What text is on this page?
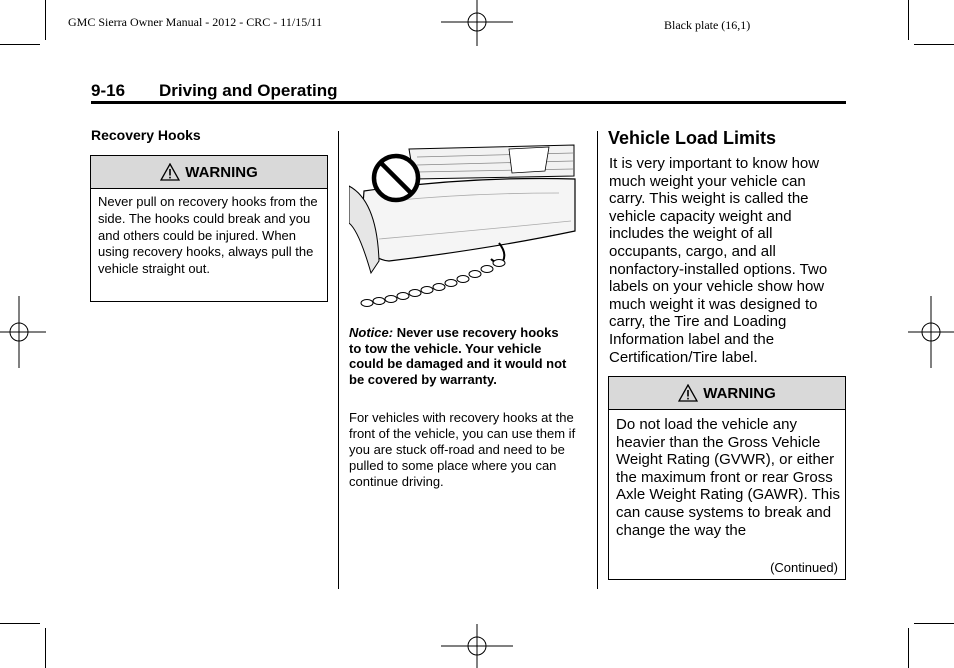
GMC Sierra Owner Manual - 2012 - CRC - 11/15/11	Black plate (16,1)
9-16 Driving and Operating
Recovery Hooks
WARNING
Never pull on recovery hooks from the side. The hooks could break and you and others could be injured. When using recovery hooks, always pull the vehicle straight out.
Notice: Never use recovery hooks to tow the vehicle. Your vehicle could be damaged and it would not be covered by warranty.
For vehicles with recovery hooks at the front of the vehicle, you can use them if you are stuck off-road and need to be pulled to some place where you can continue driving.
Vehicle Load Limits
It is very important to know how much weight your vehicle can carry. This weight is called the vehicle capacity weight and includes the weight of all occupants, cargo, and all nonfactory-installed options. Two labels on your vehicle show how much weight it was designed to carry, the Tire and Loading Information label and the Certification/Tire label.
WARNING
Do not load the vehicle any heavier than the Gross Vehicle Weight Rating (GVWR), or either the maximum front or rear Gross Axle Weight Rating (GAWR). This can cause systems to break and change the way the
(Continued)
